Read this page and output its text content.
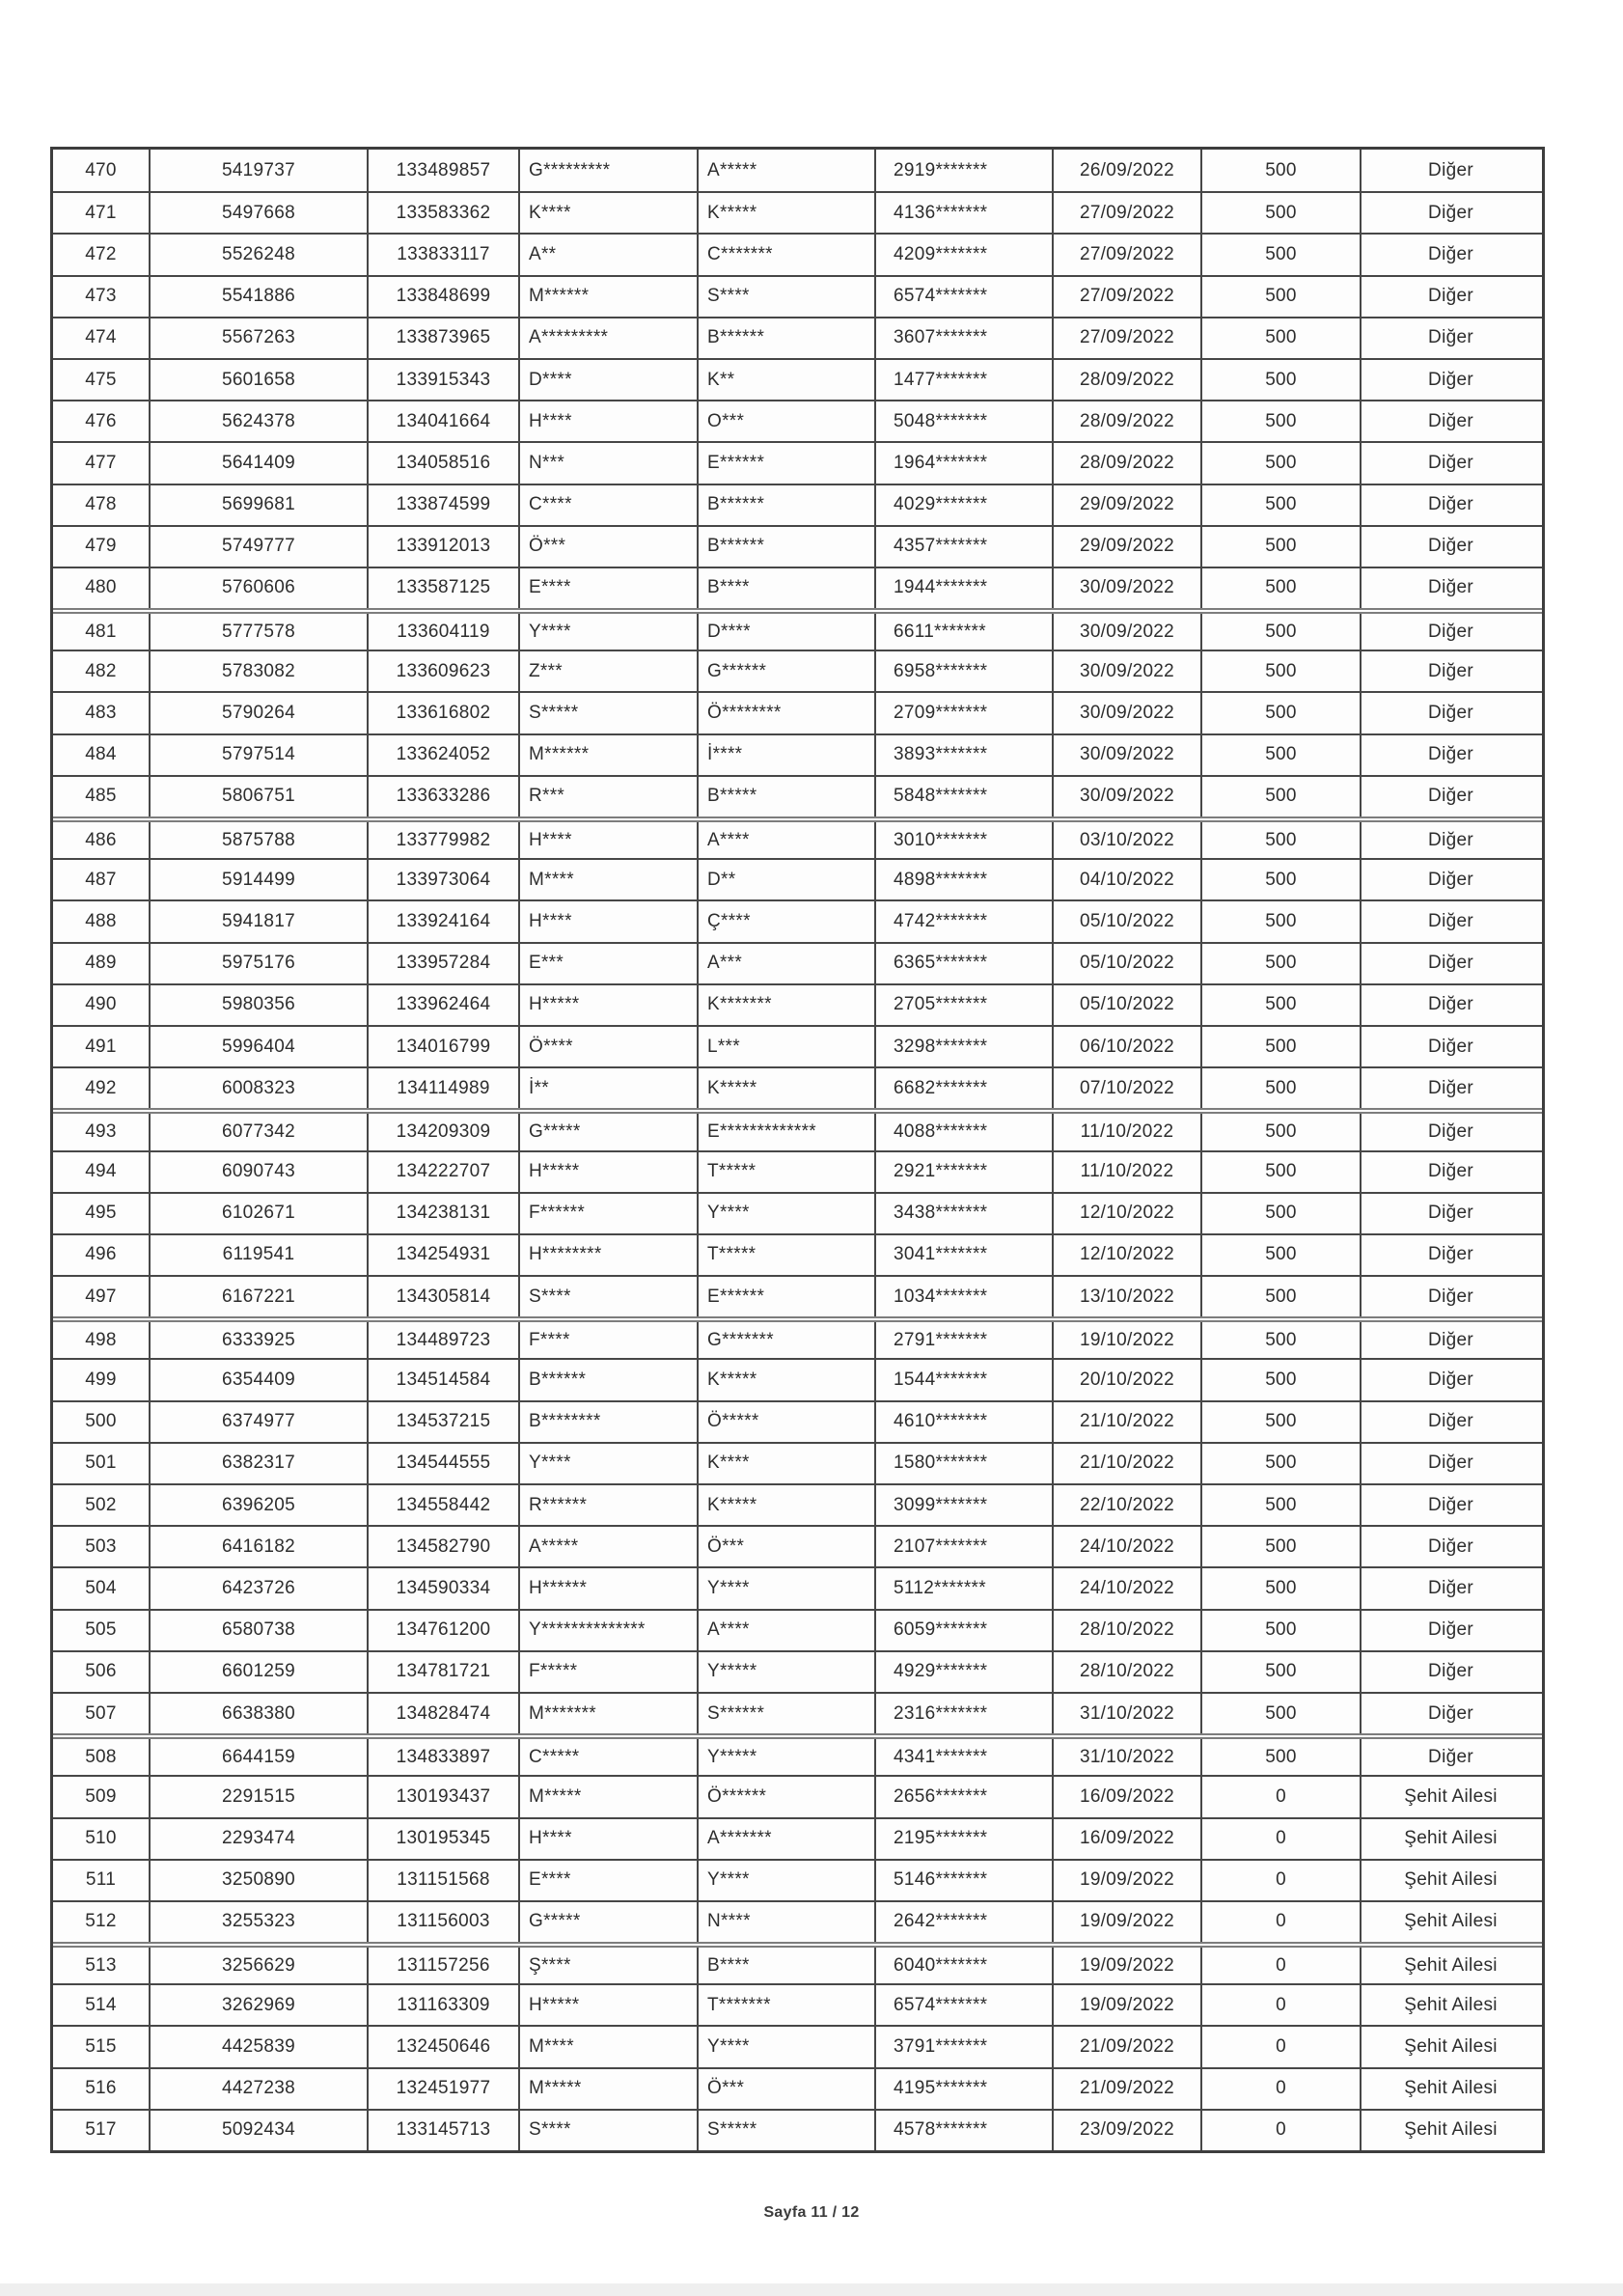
470	5419737	133489857	G*********	A*****	2919*******	26/09/2022	500	Diğer
471	5497668	133583362	K****	K*****	4136*******	27/09/2022	500	Diğer
472	5526248	133833117	A**	C*******	4209*******	27/09/2022	500	Diğer
473	5541886	133848699	M******	S****	6574*******	27/09/2022	500	Diğer
474	5567263	133873965	A*********	B******	3607*******	27/09/2022	500	Diğer
475	5601658	133915343	D****	K**	1477*******	28/09/2022	500	Diğer
476	5624378	134041664	H****	O***	5048*******	28/09/2022	500	Diğer
477	5641409	134058516	N***	E******	1964*******	28/09/2022	500	Diğer
478	5699681	133874599	C****	B******	4029*******	29/09/2022	500	Diğer
479	5749777	133912013	Ö***	B******	4357*******	29/09/2022	500	Diğer
480	5760606	133587125	E****	B****	1944*******	30/09/2022	500	Diğer
481	5777578	133604119	Y****	D****	6611*******	30/09/2022	500	Diğer
482	5783082	133609623	Z***	G******	6958*******	30/09/2022	500	Diğer
483	5790264	133616802	S*****	Ö********	2709*******	30/09/2022	500	Diğer
484	5797514	133624052	M******	İ****	3893*******	30/09/2022	500	Diğer
485	5806751	133633286	R***	B*****	5848*******	30/09/2022	500	Diğer
486	5875788	133779982	H****	A****	3010*******	03/10/2022	500	Diğer
487	5914499	133973064	M****	D**	4898*******	04/10/2022	500	Diğer
488	5941817	133924164	H****	Ç****	4742*******	05/10/2022	500	Diğer
489	5975176	133957284	E***	A***	6365*******	05/10/2022	500	Diğer
490	5980356	133962464	H*****	K*******	2705*******	05/10/2022	500	Diğer
491	5996404	134016799	Ö****	L***	3298*******	06/10/2022	500	Diğer
492	6008323	134114989	İ**	K*****	6682*******	07/10/2022	500	Diğer
493	6077342	134209309	G*****	E*************	4088*******	11/10/2022	500	Diğer
494	6090743	134222707	H*****	T*****	2921*******	11/10/2022	500	Diğer
495	6102671	134238131	F******	Y****	3438*******	12/10/2022	500	Diğer
496	6119541	134254931	H********	T*****	3041*******	12/10/2022	500	Diğer
497	6167221	134305814	S****	E******	1034*******	13/10/2022	500	Diğer
498	6333925	134489723	F****	G*******	2791*******	19/10/2022	500	Diğer
499	6354409	134514584	B******	K*****	1544*******	20/10/2022	500	Diğer
500	6374977	134537215	B********	Ö*****	4610*******	21/10/2022	500	Diğer
501	6382317	134544555	Y****	K****	1580*******	21/10/2022	500	Diğer
502	6396205	134558442	R******	K*****	3099*******	22/10/2022	500	Diğer
503	6416182	134582790	A*****	Ö***	2107*******	24/10/2022	500	Diğer
504	6423726	134590334	H******	Y****	5112*******	24/10/2022	500	Diğer
505	6580738	134761200	Y**************	A****	6059*******	28/10/2022	500	Diğer
506	6601259	134781721	F*****	Y*****	4929*******	28/10/2022	500	Diğer
507	6638380	134828474	M*******	S******	2316*******	31/10/2022	500	Diğer
508	6644159	134833897	C*****	Y*****	4341*******	31/10/2022	500	Diğer
509	2291515	130193437	M*****	Ö******	2656*******	16/09/2022	0	Şehit Ailesi
510	2293474	130195345	H****	A*******	2195*******	16/09/2022	0	Şehit Ailesi
511	3250890	131151568	E****	Y****	5146*******	19/09/2022	0	Şehit Ailesi
512	3255323	131156003	G*****	N****	2642*******	19/09/2022	0	Şehit Ailesi
513	3256629	131157256	Ş****	B****	6040*******	19/09/2022	0	Şehit Ailesi
514	3262969	131163309	H*****	T*******	6574*******	19/09/2022	0	Şehit Ailesi
515	4425839	132450646	M****	Y****	3791*******	21/09/2022	0	Şehit Ailesi
516	4427238	132451977	M*****	Ö***	4195*******	21/09/2022	0	Şehit Ailesi
517	5092434	133145713	S****	S*****	4578*******	23/09/2022	0	Şehit Ailesi
Sayfa 11 / 12
